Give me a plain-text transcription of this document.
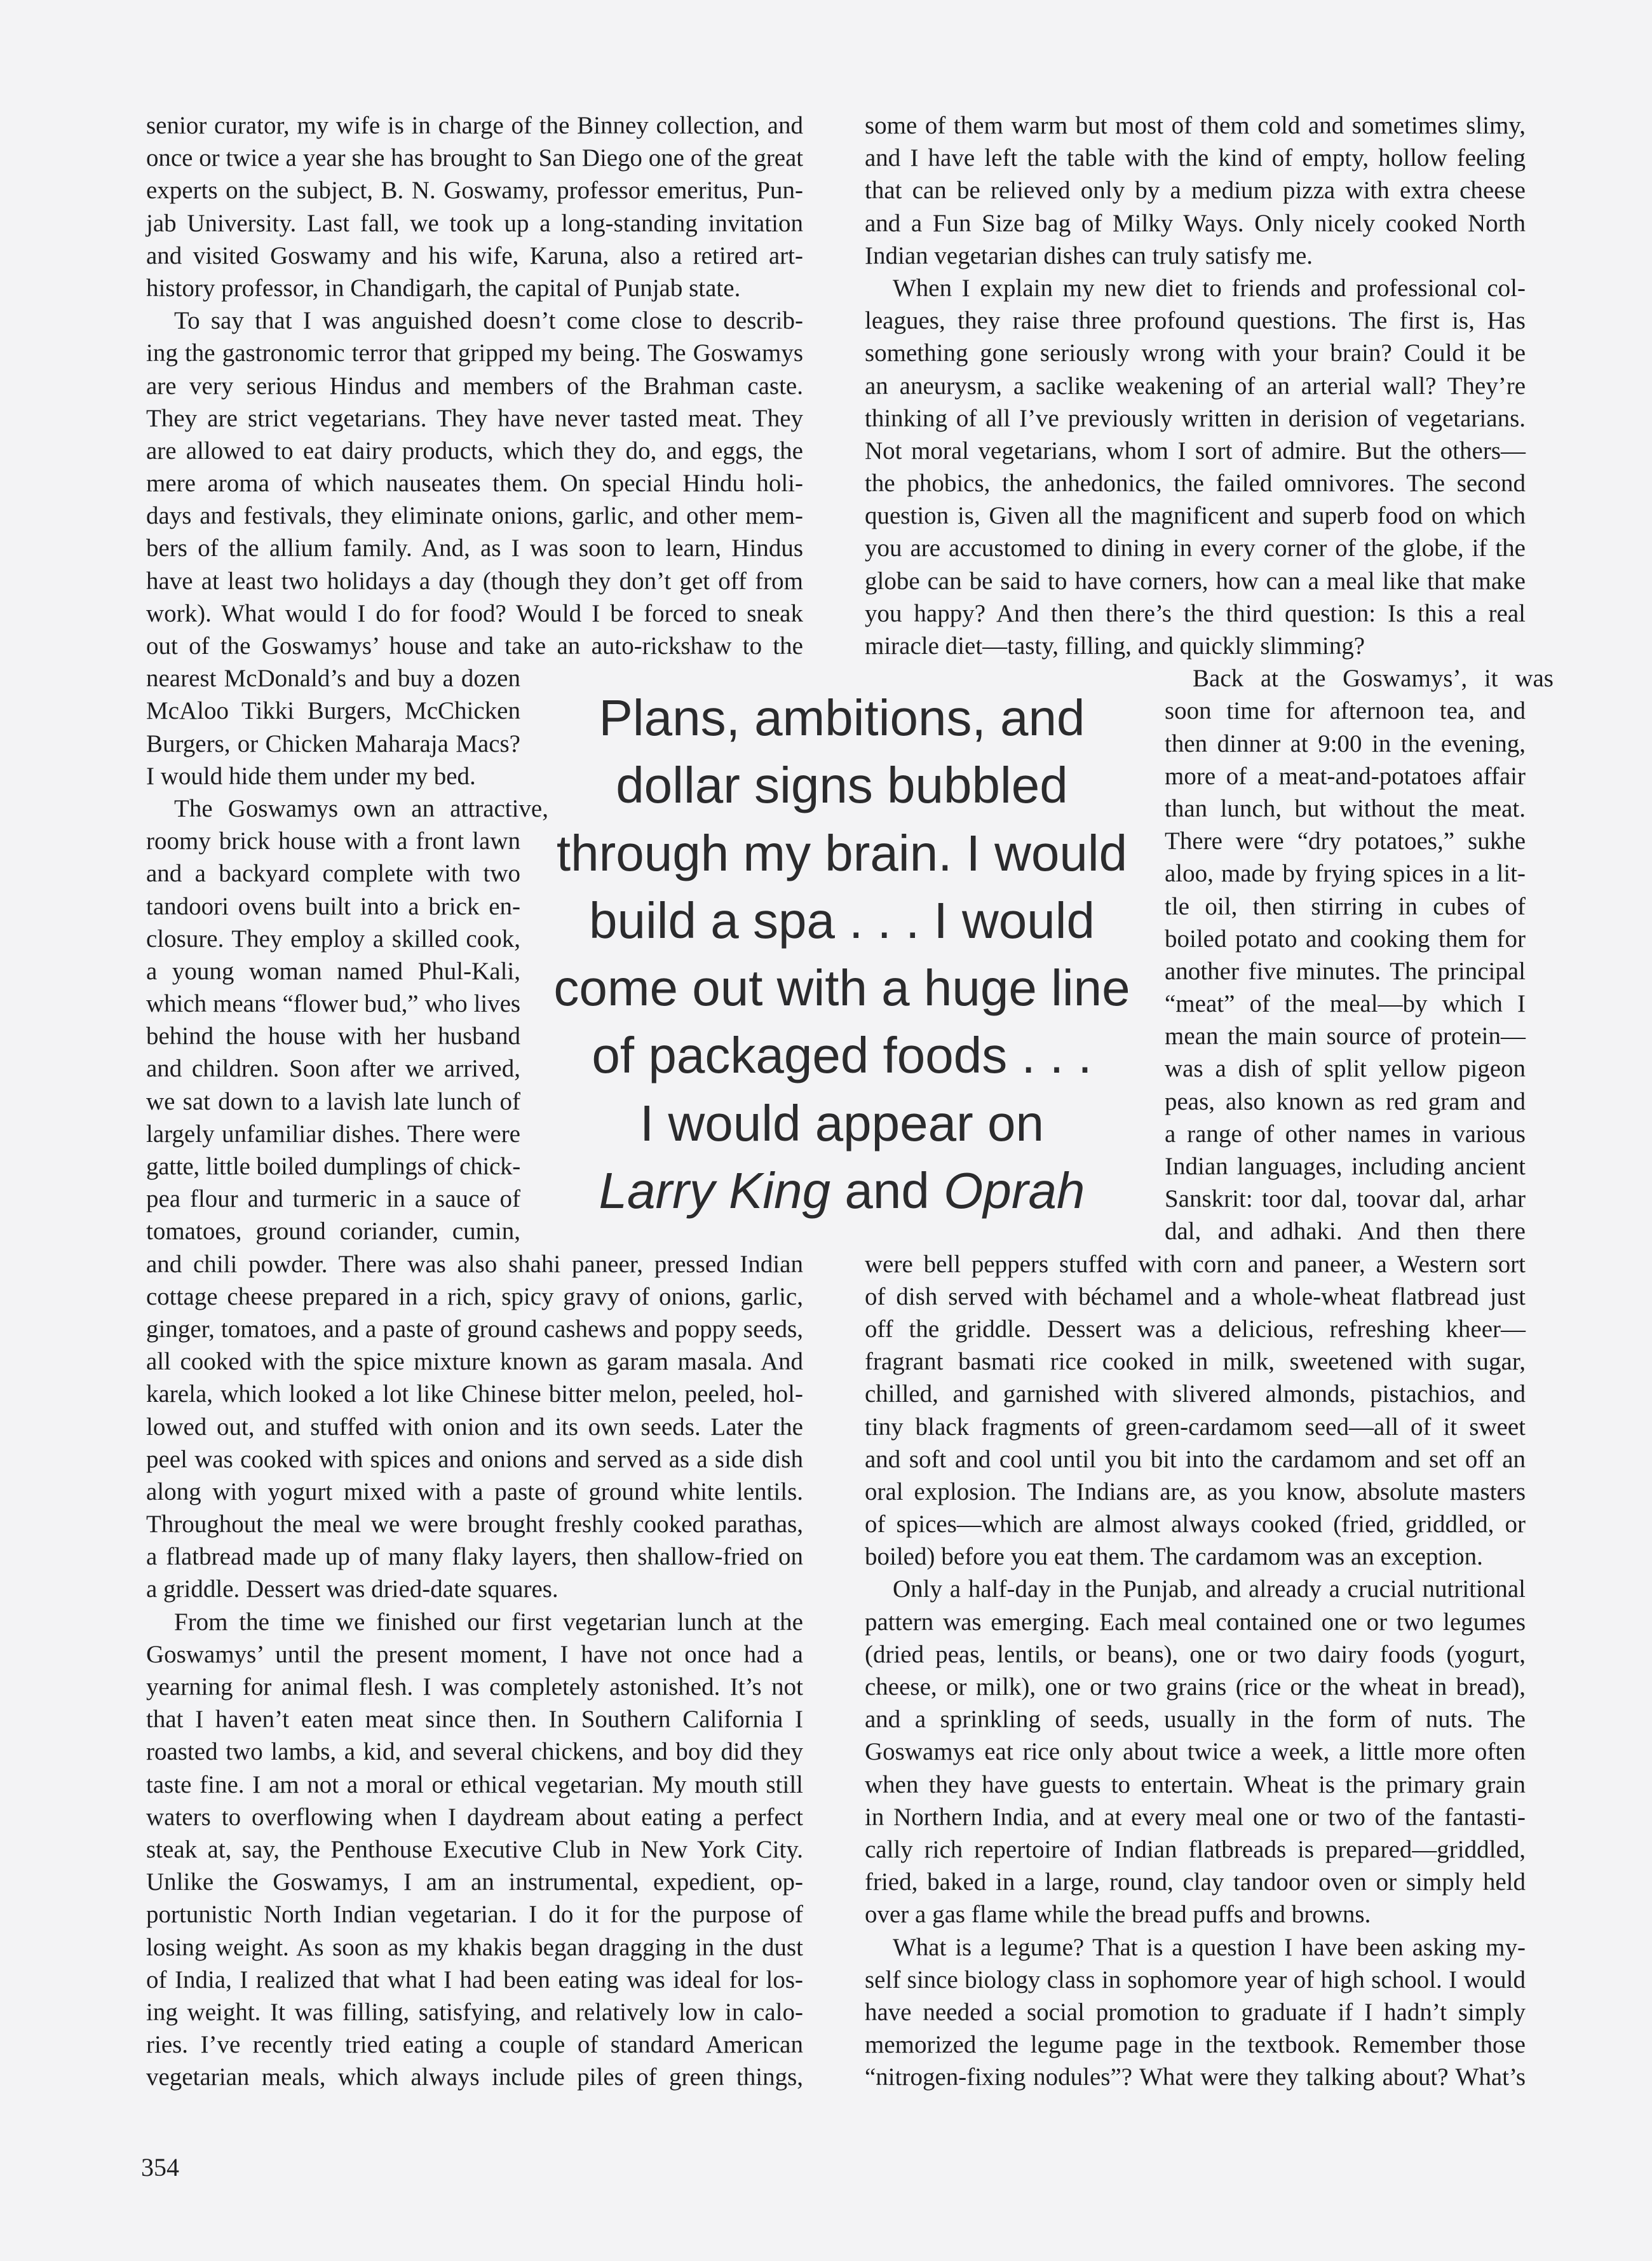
senior curator, my wife is in charge of the Binney collection, and
once or twice a year she has brought to San Diego one of the great
experts on the subject, B. N. Goswamy, professor emeritus, Pun-
jab University. Last fall, we took up a long-standing invitation
and visited Goswamy and his wife, Karuna, also a retired art-
history professor, in Chandigarh, the capital of Punjab state.
To say that I was anguished doesn’t come close to describ-
ing the gastronomic terror that gripped my being. The Goswamys
are very serious Hindus and members of the Brahman caste.
They are strict vegetarians. They have never tasted meat. They
are allowed to eat dairy products, which they do, and eggs, the
mere aroma of which nauseates them. On special Hindu holi-
days and festivals, they eliminate onions, garlic, and other mem-
bers of the allium family. And, as I was soon to learn, Hindus
have at least two holidays a day (though they don’t get off from
work). What would I do for food? Would I be forced to sneak
out of the Goswamys’ house and take an auto-rickshaw to the
nearest McDonald’s and buy a dozen
McAloo Tikki Burgers, McChicken
Burgers, or Chicken Maharaja Macs?
I would hide them under my bed.
The Goswamys own an attractive,
roomy brick house with a front lawn
and a backyard complete with two
tandoori ovens built into a brick en-
closure. They employ a skilled cook,
a young woman named Phul-Kali,
which means “flower bud,” who lives
behind the house with her husband
and children. Soon after we arrived,
we sat down to a lavish late lunch of
largely unfamiliar dishes. There were
gatte, little boiled dumplings of chick-
pea flour and turmeric in a sauce of
tomatoes, ground coriander, cumin,
and chili powder. There was also shahi paneer, pressed Indian
cottage cheese prepared in a rich, spicy gravy of onions, garlic,
ginger, tomatoes, and a paste of ground cashews and poppy seeds,
all cooked with the spice mixture known as garam masala. And
karela, which looked a lot like Chinese bitter melon, peeled, hol-
lowed out, and stuffed with onion and its own seeds. Later the
peel was cooked with spices and onions and served as a side dish
along with yogurt mixed with a paste of ground white lentils.
Throughout the meal we were brought freshly cooked parathas,
a flatbread made up of many flaky layers, then shallow-fried on
a griddle. Dessert was dried-date squares.
From the time we finished our first vegetarian lunch at the
Goswamys’ until the present moment, I have not once had a
yearning for animal flesh. I was completely astonished. It’s not
that I haven’t eaten meat since then. In Southern California I
roasted two lambs, a kid, and several chickens, and boy did they
taste fine. I am not a moral or ethical vegetarian. My mouth still
waters to overflowing when I daydream about eating a perfect
steak at, say, the Penthouse Executive Club in New York City.
Unlike the Goswamys, I am an instrumental, expedient, op-
portunistic North Indian vegetarian. I do it for the purpose of
losing weight. As soon as my khakis began dragging in the dust
of India, I realized that what I had been eating was ideal for los-
ing weight. It was filling, satisfying, and relatively low in calo-
ries. I’ve recently tried eating a couple of standard American
vegetarian meals, which always include piles of green things,
some of them warm but most of them cold and sometimes slimy,
and I have left the table with the kind of empty, hollow feeling
that can be relieved only by a medium pizza with extra cheese
and a Fun Size bag of Milky Ways. Only nicely cooked North
Indian vegetarian dishes can truly satisfy me.
When I explain my new diet to friends and professional col-
leagues, they raise three profound questions. The first is, Has
something gone seriously wrong with your brain? Could it be
an aneurysm, a saclike weakening of an arterial wall? They’re
thinking of all I’ve previously written in derision of vegetarians.
Not moral vegetarians, whom I sort of admire. But the others—
the phobics, the anhedonics, the failed omnivores. The second
question is, Given all the magnificent and superb food on which
you are accustomed to dining in every corner of the globe, if the
globe can be said to have corners, how can a meal like that make
you happy? And then there’s the third question: Is this a real
miracle diet—tasty, filling, and quickly slimming?
Back at the Goswamys’, it was
soon time for afternoon tea, and
then dinner at 9:00 in the evening,
more of a meat-and-potatoes affair
than lunch, but without the meat.
There were “dry potatoes,” sukhe
aloo, made by frying spices in a lit-
tle oil, then stirring in cubes of
boiled potato and cooking them for
another five minutes. The principal
“meat” of the meal—by which I
mean the main source of protein—
was a dish of split yellow pigeon
peas, also known as red gram and
a range of other names in various
Indian languages, including ancient
Sanskrit: toor dal, toovar dal, arhar
dal, and adhaki. And then there
were bell peppers stuffed with corn and paneer, a Western sort
of dish served with béchamel and a whole-wheat flatbread just
off the griddle. Dessert was a delicious, refreshing kheer—
fragrant basmati rice cooked in milk, sweetened with sugar,
chilled, and garnished with slivered almonds, pistachios, and
tiny black fragments of green-cardamom seed—all of it sweet
and soft and cool until you bit into the cardamom and set off an
oral explosion. The Indians are, as you know, absolute masters
of spices—which are almost always cooked (fried, griddled, or
boiled) before you eat them. The cardamom was an exception.
Only a half-day in the Punjab, and already a crucial nutritional
pattern was emerging. Each meal contained one or two legumes
(dried peas, lentils, or beans), one or two dairy foods (yogurt,
cheese, or milk), one or two grains (rice or the wheat in bread),
and a sprinkling of seeds, usually in the form of nuts. The
Goswamys eat rice only about twice a week, a little more often
when they have guests to entertain. Wheat is the primary grain
in Northern India, and at every meal one or two of the fantasti-
cally rich repertoire of Indian flatbreads is prepared—griddled,
fried, baked in a large, round, clay tandoor oven or simply held
over a gas flame while the bread puffs and browns.
What is a legume? That is a question I have been asking my-
self since biology class in sophomore year of high school. I would
have needed a social promotion to graduate if I hadn’t simply
memorized the legume page in the textbook. Remember those
“nitrogen-fixing nodules”? What were they talking about? What’s
Plans, ambitions, and
dollar signs bubbled
through my brain. I would
build a spa . . . I would
come out with a huge line
of packaged foods . . .
I would appear on
Larry King and Oprah
354
